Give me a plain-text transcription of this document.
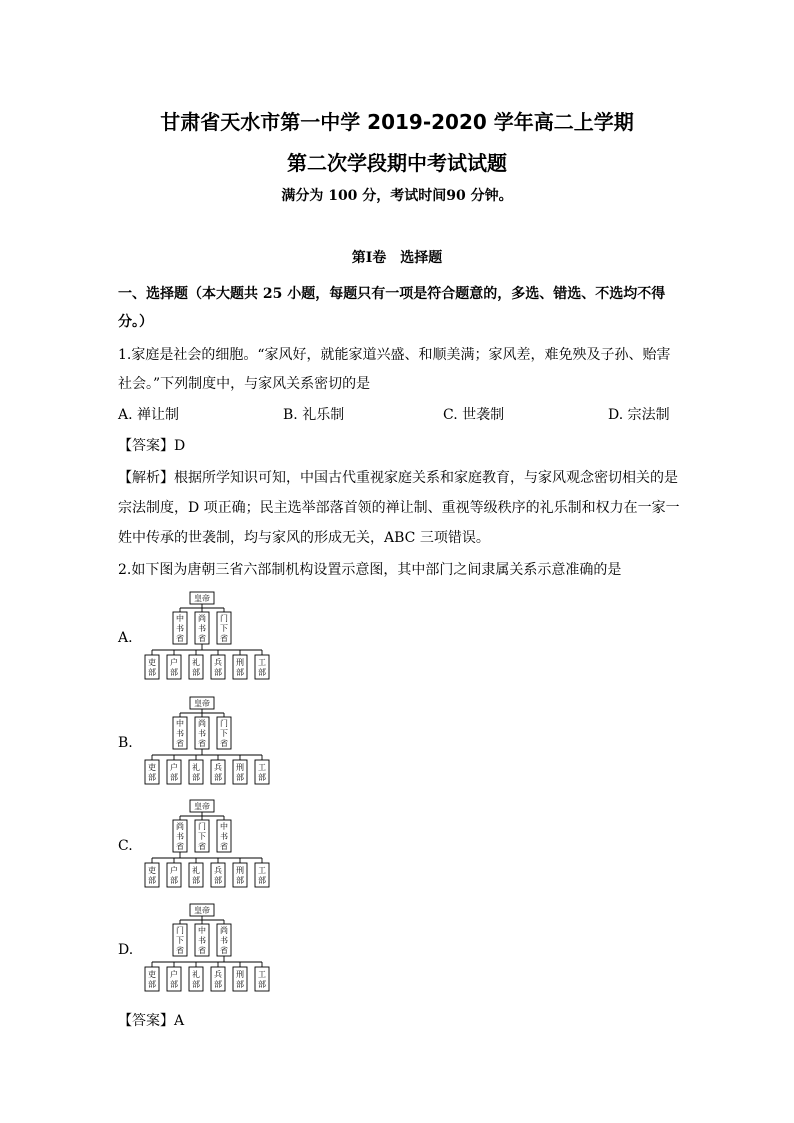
甘肃省天水市第一中学 2019-2020 学年高二上学期
第二次学段期中考试试题
满分为 100 分，考试时间90 分钟。
第Ⅰ卷 选择题
一、选择题（本大题共 25 小题，每题只有一项是符合题意的，多选、错选、不选均不得
分。）
1.家庭是社会的细胞。“家风好，就能家道兴盛、和顺美满；家风差，难免殃及子孙、贻害
社会。”下列制度中，与家风关系密切的是
A. 禅让制	B. 礼乐制	C. 世袭制	D. 宗法制
【答案】D
【解析】根据所学知识可知，中国古代重视家庭关系和家庭教育，与家风观念密切相关的是
宗法制度，D 项正确；民主选举部落首领的禅让制、重视等级秩序的礼乐制和权力在一家一
姓中传承的世袭制，均与家风的形成无关，ABC 三项错误。
2.如下图为唐朝三省六部制机构设置示意图，其中部门之间隶属关系示意准确的是
A.
皇帝
中
书
省
尚
书
省
门
下
省
吏
部
户
部
礼
部
兵
部
刑
部
工
部
B.
皇帝
中
书
省
尚
书
省
门
下
省
吏
部
户
部
礼
部
兵
部
刑
部
工
部
C.
皇帝
尚
书
省
门
下
省
中
书
省
吏
部
户
部
礼
部
兵
部
刑
部
工
部
D.
皇帝
门
下
省
中
书
省
尚
书
省
吏
部
户
部
礼
部
兵
部
刑
部
工
部
【答案】A
